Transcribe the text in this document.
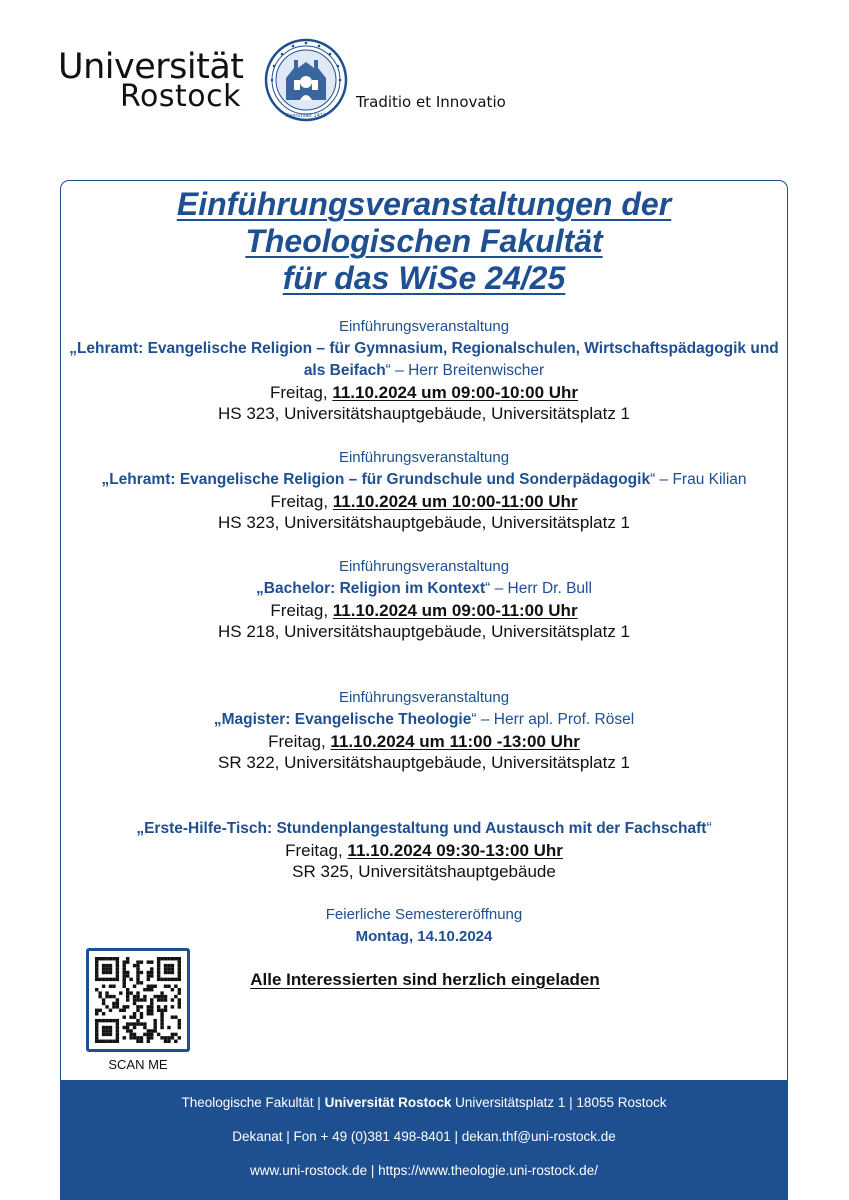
Universität
Rostock
Begründet 1419
Traditio et Innovatio
Einführungsveranstaltungen der
Theologischen Fakultät
für das WiSe 24/25
Einführungsveranstaltung
„Lehramt: Evangelische Religion – für Gymnasium, Regionalschulen, Wirtschaftspädagogik und
als Beifach“ – Herr Breitenwischer
Freitag, 11.10.2024 um 09:00-10:00 Uhr
HS 323, Universitätshauptgebäude, Universitätsplatz 1
Einführungsveranstaltung
„Lehramt: Evangelische Religion – für Grundschule und Sonderpädagogik“ – Frau Kilian
Freitag, 11.10.2024 um 10:00-11:00 Uhr
HS 323, Universitätshauptgebäude, Universitätsplatz 1
Einführungsveranstaltung
„Bachelor: Religion im Kontext“ – Herr Dr. Bull
Freitag, 11.10.2024 um 09:00-11:00 Uhr
HS 218, Universitätshauptgebäude, Universitätsplatz 1
Einführungsveranstaltung
„Magister: Evangelische Theologie“ – Herr apl. Prof. Rösel
Freitag, 11.10.2024 um 11:00 -13:00 Uhr
SR 322, Universitätshauptgebäude, Universitätsplatz 1
„Erste-Hilfe-Tisch: Stundenplangestaltung und Austausch mit der Fachschaft“
Freitag, 11.10.2024 09:30-13:00 Uhr
SR 325, Universitätshauptgebäude
Feierliche Semestereröffnung
Montag, 14.10.2024
Alle Interessierten sind herzlich eingeladen
SCAN ME
Theologische Fakultät | Universität Rostock Universitätsplatz 1 | 18055 Rostock
Dekanat | Fon + 49 (0)381 498-8401 | dekan.thf@uni-rostock.de
www.uni-rostock.de | https://www.theologie.uni-rostock.de/
